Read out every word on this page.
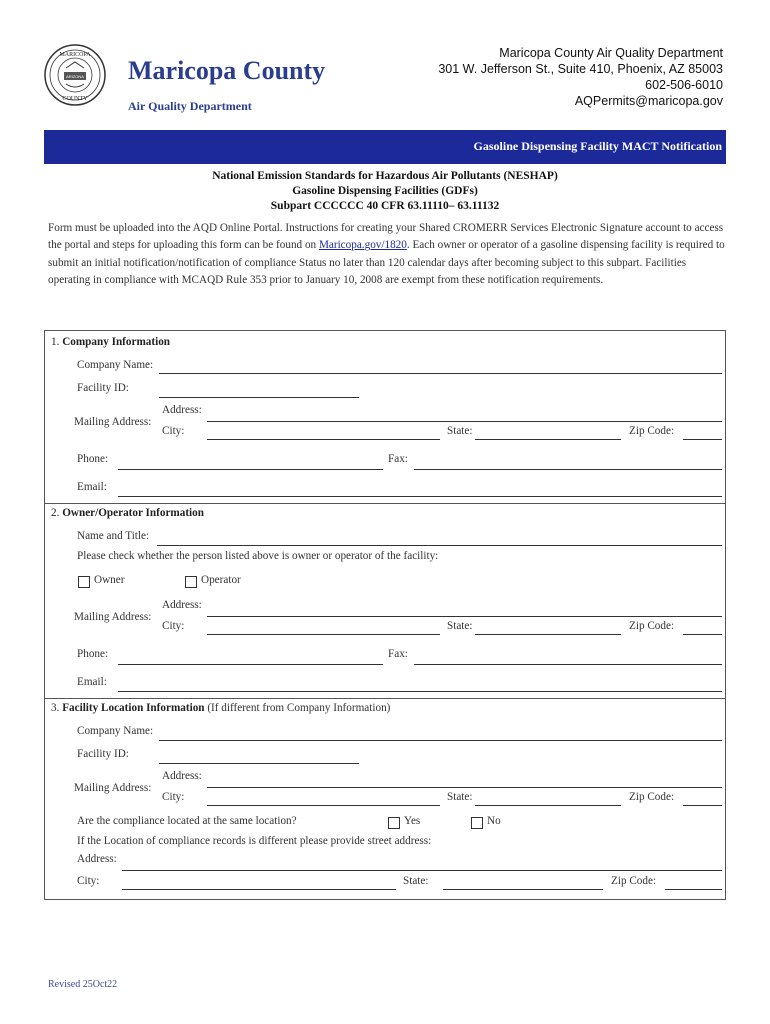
MARICOPA
COUNTY
ARIZONA Maricopa County
Air Quality Department
Maricopa County Air Quality Department
301 W. Jefferson St., Suite 410, Phoenix, AZ 85003
602-506-6010
AQPermits@maricopa.gov
Gasoline Dispensing Facility MACT Notification
National Emission Standards for Hazardous Air Pollutants (NESHAP)
Gasoline Dispensing Facilities (GDFs)
Subpart CCCCCC 40 CFR 63.11110– 63.11132
Form must be uploaded into the AQD Online Portal. Instructions for creating your Shared CROMERR Services Electronic Signature account to access the portal and steps for uploading this form can be found on Maricopa.gov/1820. Each owner or operator of a gasoline dispensing facility is required to submit an initial notification/notification of compliance Status no later than 120 calendar days after becoming subject to this subpart. Facilities operating in compliance with MCAQD Rule 353 prior to January 10, 2008 are exempt from these notification requirements.
1. Company Information
Company Name:
Facility ID:
Address:
Mailing Address:
City:	State:	Zip Code:
Phone:	Fax:
Email:
2. Owner/Operator Information
Name and Title:
Please check whether the person listed above is owner or operator of the facility:
Owner	Operator
Address:
Mailing Address:
City:	State:	Zip Code:
Phone:	Fax:
Email:
3. Facility Location Information (If different from Company Information)
Company Name:
Facility ID:
Address:
Mailing Address:
City:	State:	Zip Code:
Are the compliance located at the same location?	Yes	No
If the Location of compliance records is different please provide street address:
Address:
City:	State:	Zip Code:
Revised 25Oct22
